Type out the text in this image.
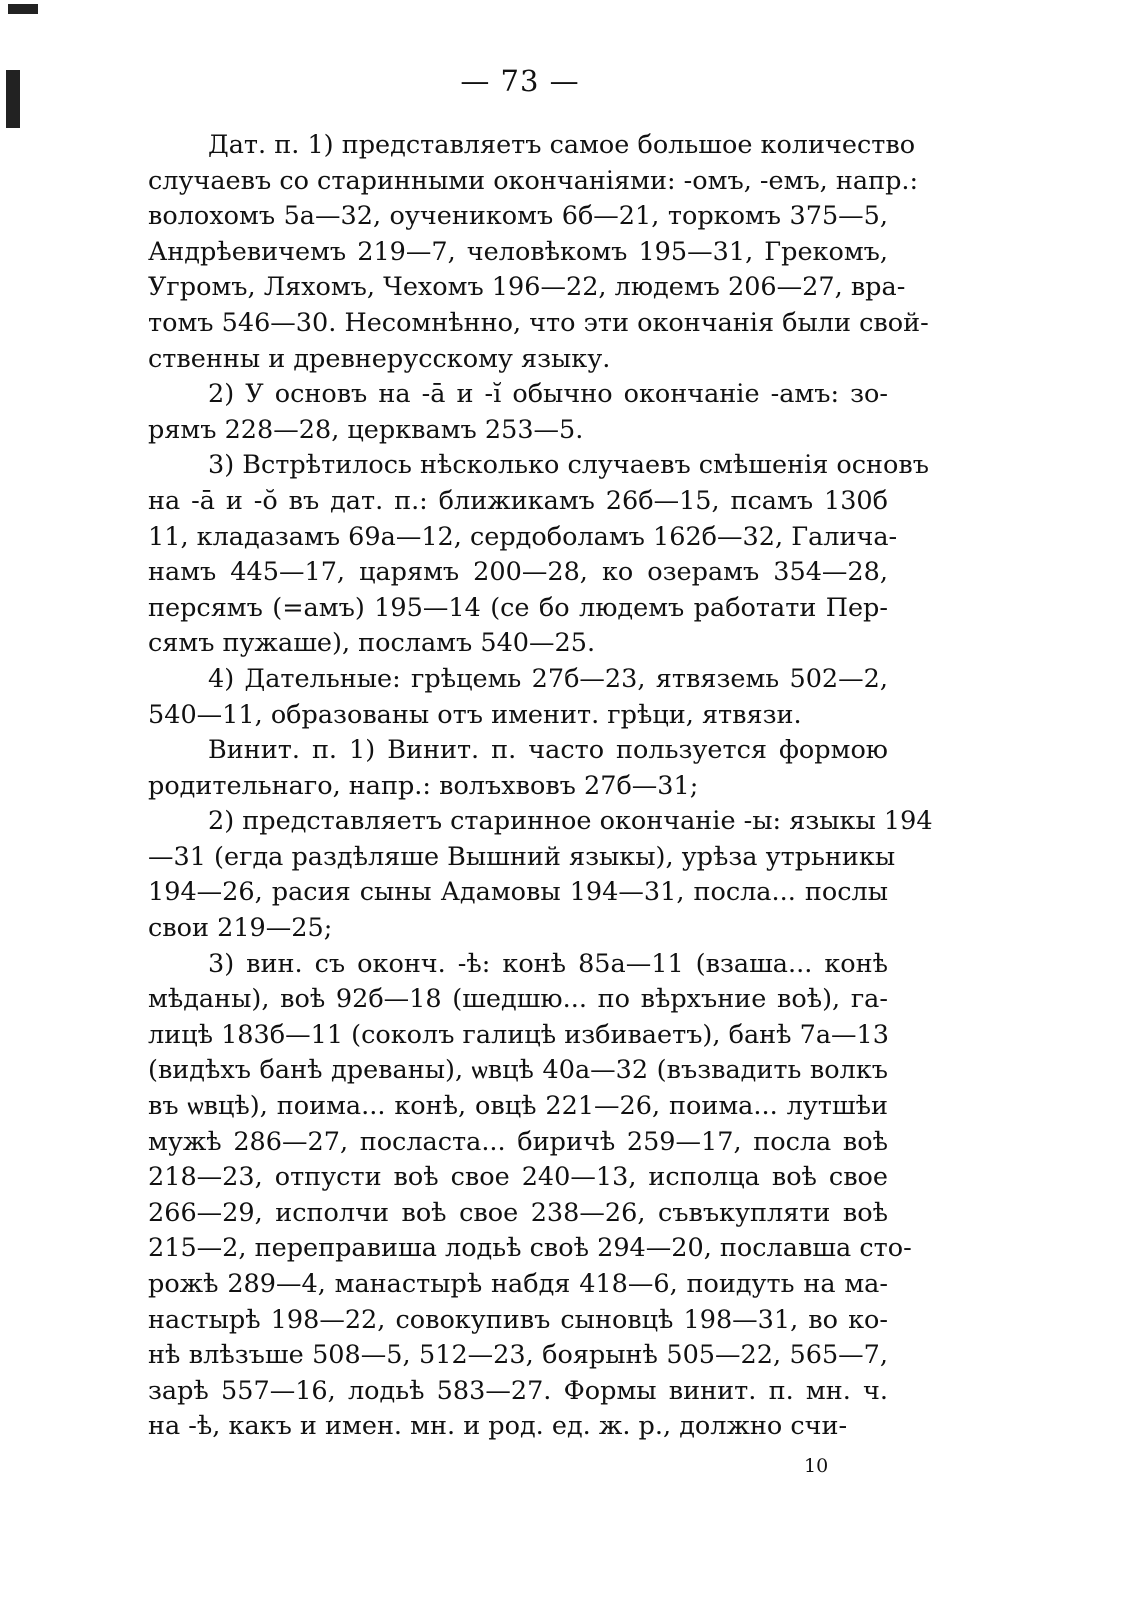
— 73 —
Дат. п. 1) представляетъ самое большое количество
случаевъ со старинными окончаніями: -омъ, -емъ, напр.:
волохомъ 5а—32, оученикомъ 6б—21, торкомъ 375—5,
Андрѣевичемъ 219—7, человѣкомъ 195—31, Грекомъ,
Угромъ, Ляхомъ, Чехомъ 196—22, людемъ 206—27, вра-
томъ 546—30. Несомнѣнно, что эти окончанія были свой-
ственны и древнерусскому языку.
2) У основъ на -ā и -ĭ обычно окончаніе -амъ: зо-
рямъ 228—28, церквамъ 253—5.
3) Встрѣтилось нѣсколько случаевъ смѣшенія основъ
на -ā и -ŏ въ дат. п.: ближикамъ 26б—15, псамъ 130б
11, кладазамъ 69а—12, сердоболамъ 162б—32, Галича-
намъ 445—17, царямъ 200—28, ко озерамъ 354—28,
персямъ (=амъ) 195—14 (се бо людемъ работати Пер-
сямъ пужаше), посламъ 540—25.
4) Дательные: грѣцемь 27б—23, ятвяземь 502—2,
540—11, образованы отъ именит. грѣци, ятвязи.
Винит. п. 1) Винит. п. часто пользуется формою
родительнаго, напр.: волъхвовъ 27б—31;
2) представляетъ старинное окончаніе -ы: языкы 194
—31 (егда раздѣляше Вышний языкы), урѣза утрьникы
194—26, расия сыны Адамовы 194—31, посла... послы
свои 219—25;
3) вин. съ оконч. -ѣ: конѣ 85а—11 (взаша... конѣ
мѣданы), воѣ 92б—18 (шедшю... по вѣрхъние воѣ), га-
лицѣ 183б—11 (соколъ галицѣ избиваетъ), банѣ 7а—13
(видѣхъ банѣ древаны), ѡвцѣ 40а—32 (възвадить волкъ
въ ѡвцѣ), поима... конѣ, овцѣ 221—26, поима... лутшѣи
мужѣ 286—27, посласта... биричѣ 259—17, посла воѣ
218—23, отпусти воѣ свое 240—13, исполца воѣ свое
266—29, исполчи воѣ свое 238—26, съвъкупляти воѣ
215—2, переправиша лодьѣ своѣ 294—20, пославша сто-
рожѣ 289—4, манастырѣ набдя 418—6, поидуть на ма-
настырѣ 198—22, совокупивъ сыновцѣ 198—31, во ко-
нѣ влѣзъше 508—5, 512—23, боярынѣ 505—22, 565—7,
зарѣ 557—16, лодьѣ 583—27. Формы винит. п. мн. ч.
на -ѣ, какъ и имен. мн. и род. ед. ж. р., должно счи-
10
